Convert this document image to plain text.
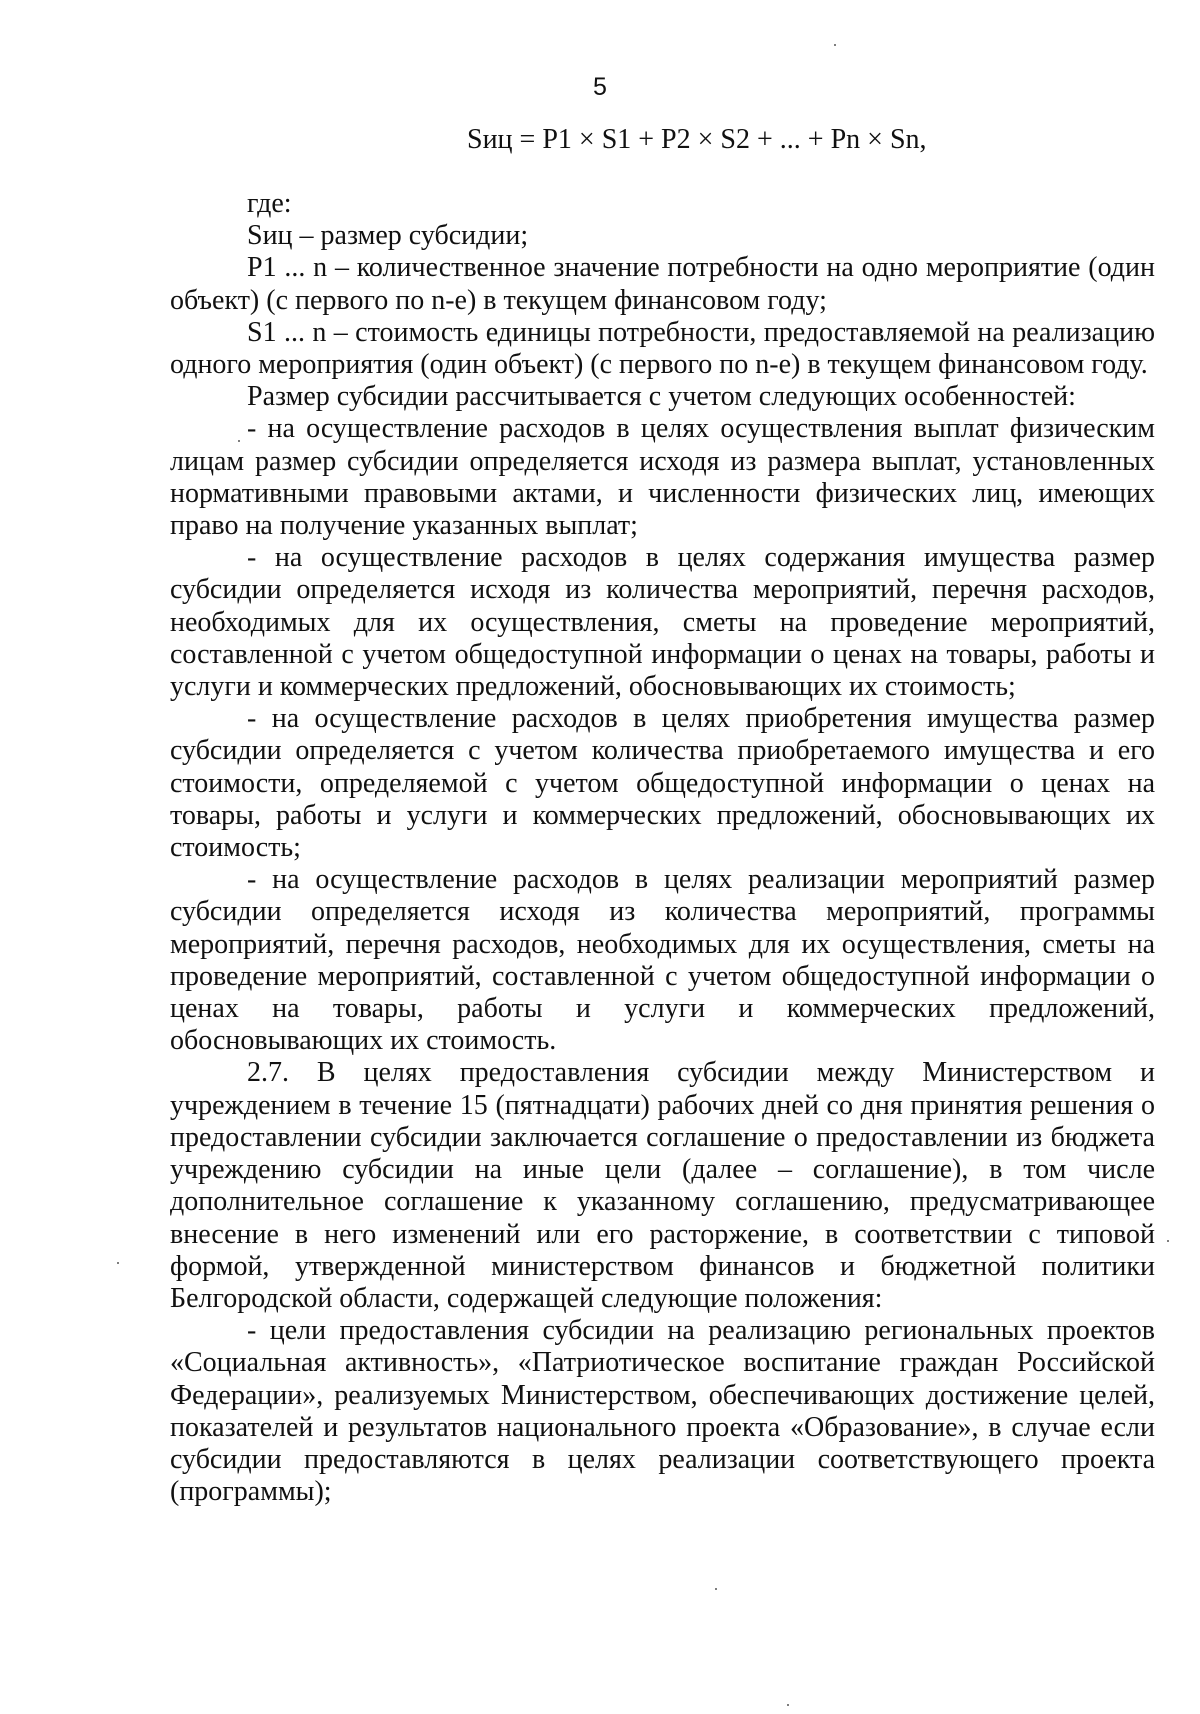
5
Sиц = P1 × S1 + P2 × S2 + ... + Pn × Sn,

где:

Sиц – размер субсидии;

P1 ... n – количественное значение потребности на одно мероприятие (один объект) (с первого по n-е) в текущем финансовом году;

S1 ... n – стоимость единицы потребности, предоставляемой на реализацию одного мероприятия (один объект) (с первого по n-е) в текущем финансовом году.

Размер субсидии рассчитывается с учетом следующих особенностей:

- на осуществление расходов в целях осуществления выплат физическим лицам размер субсидии определяется исходя из размера выплат, установленных нормативными правовыми актами, и численности физических лиц, имеющих право на получение указанных выплат;

- на осуществление расходов в целях содержания имущества размер субсидии определяется исходя из количества мероприятий, перечня расходов, необходимых для их осуществления, сметы на проведение мероприятий, составленной с учетом общедоступной информации о ценах на товары, работы и услуги и коммерческих предложений, обосновывающих их стоимость;

- на осуществление расходов в целях приобретения имущества размер субсидии определяется с учетом количества приобретаемого имущества и его стоимости, определяемой с учетом общедоступной информации о ценах на товары, работы и услуги и коммерческих предложений, обосновывающих их стоимость;

- на осуществление расходов в целях реализации мероприятий размер субсидии определяется исходя из количества мероприятий, программы мероприятий, перечня расходов, необходимых для их осуществления, сметы на проведение мероприятий, составленной с учетом общедоступной информации о ценах на товары, работы и услуги и коммерческих предложений, обосновывающих их стоимость.

2.7. В целях предоставления субсидии между Министерством и учреждением в течение 15 (пятнадцати) рабочих дней со дня принятия решения о предоставлении субсидии заключается соглашение о предоставлении из бюджета учреждению субсидии на иные цели (далее – соглашение), в том числе дополнительное соглашение к указанному соглашению, предусматривающее внесение в него изменений или его расторжение, в соответствии с типовой формой, утвержденной министерством финансов и бюджетной политики Белгородской области, содержащей следующие положения:

- цели предоставления субсидии на реализацию региональных проектов «Социальная активность», «Патриотическое воспитание граждан Российской Федерации», реализуемых Министерством, обеспечивающих достижение целей, показателей и результатов национального проекта «Образование», в случае если субсидии предоставляются в целях реализации соответствующего проекта (программы);
